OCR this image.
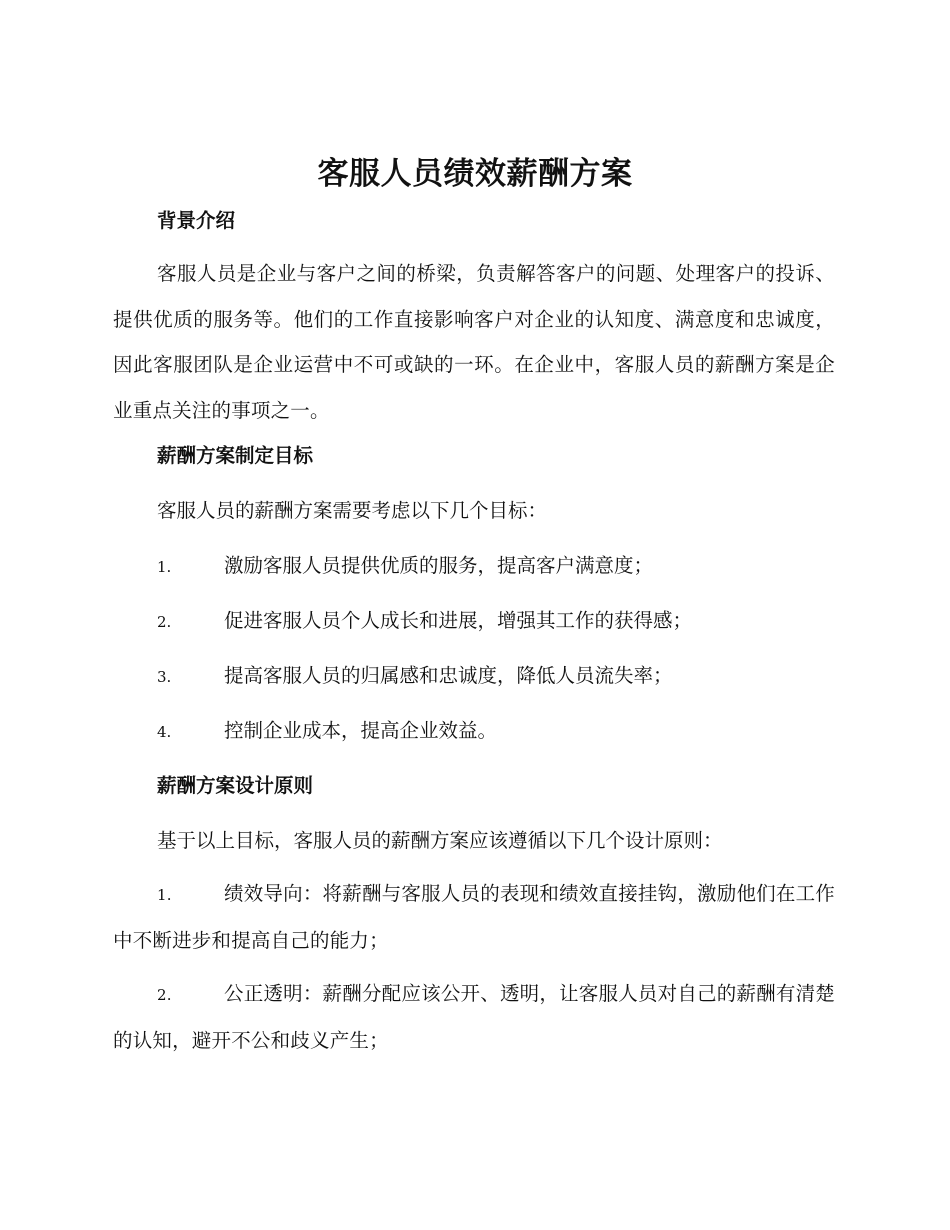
客服人员绩效薪酬方案
背景介绍

客服人员是企业与客户之间的桥梁，负责解答客户的问题、处理客户的投诉、提供优质的服务等。他们的工作直接影响客户对企业的认知度、满意度和忠诚度，因此客服团队是企业运营中不可或缺的一环。在企业中，客服人员的薪酬方案是企业重点关注的事项之一。

薪酬方案制定目标

客服人员的薪酬方案需要考虑以下几个目标：

1.	激励客服人员提供优质的服务，提高客户满意度；

2.	促进客服人员个人成长和进展，增强其工作的获得感；

3.	提高客服人员的归属感和忠诚度，降低人员流失率；

4.	控制企业成本，提高企业效益。

薪酬方案设计原则

基于以上目标，客服人员的薪酬方案应该遵循以下几个设计原则：

1.	绩效导向：将薪酬与客服人员的表现和绩效直接挂钩，激励他们在工作中不断进步和提高自己的能力；

2.	公正透明：薪酬分配应该公开、透明，让客服人员对自己的薪酬有清楚的认知，避开不公和歧义产生；
